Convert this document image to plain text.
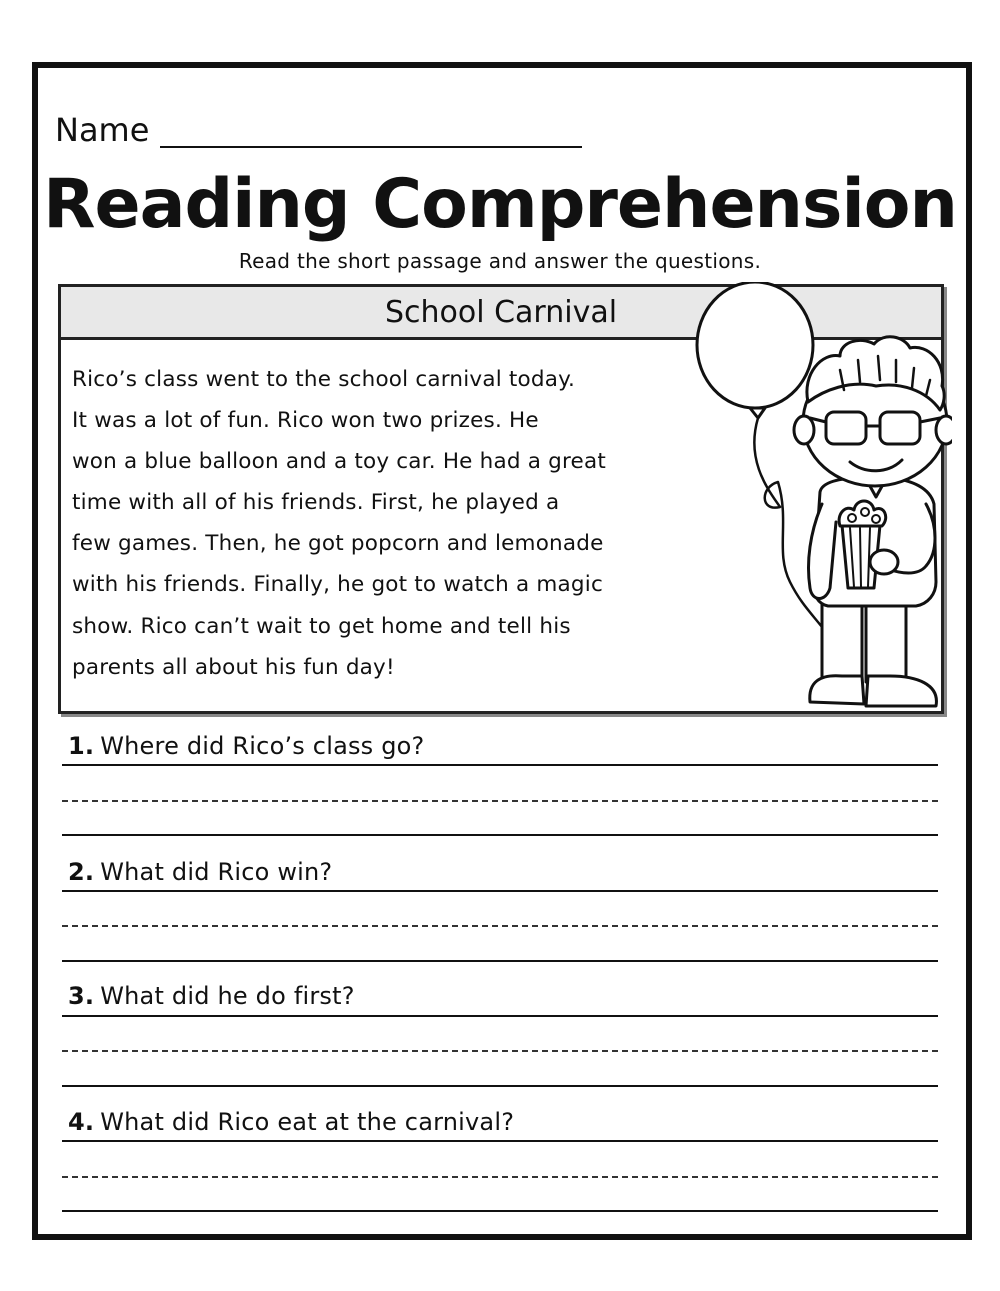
Name
Reading Comprehension
Read the short passage and answer the questions.
School Carnival
Rico’s class went to the school carnival today.
It was a lot of fun. Rico won two prizes. He
won a blue balloon and a toy car. He had a great
time with all of his friends. First, he played a
few games. Then, he got popcorn and lemonade
with his friends. Finally, he got to watch a magic
show. Rico can’t wait to get home and tell his
parents all about his fun day!
1. Where did Rico’s class go?
2. What did Rico win?
3. What did he do first?
4. What did Rico eat at the carnival?
